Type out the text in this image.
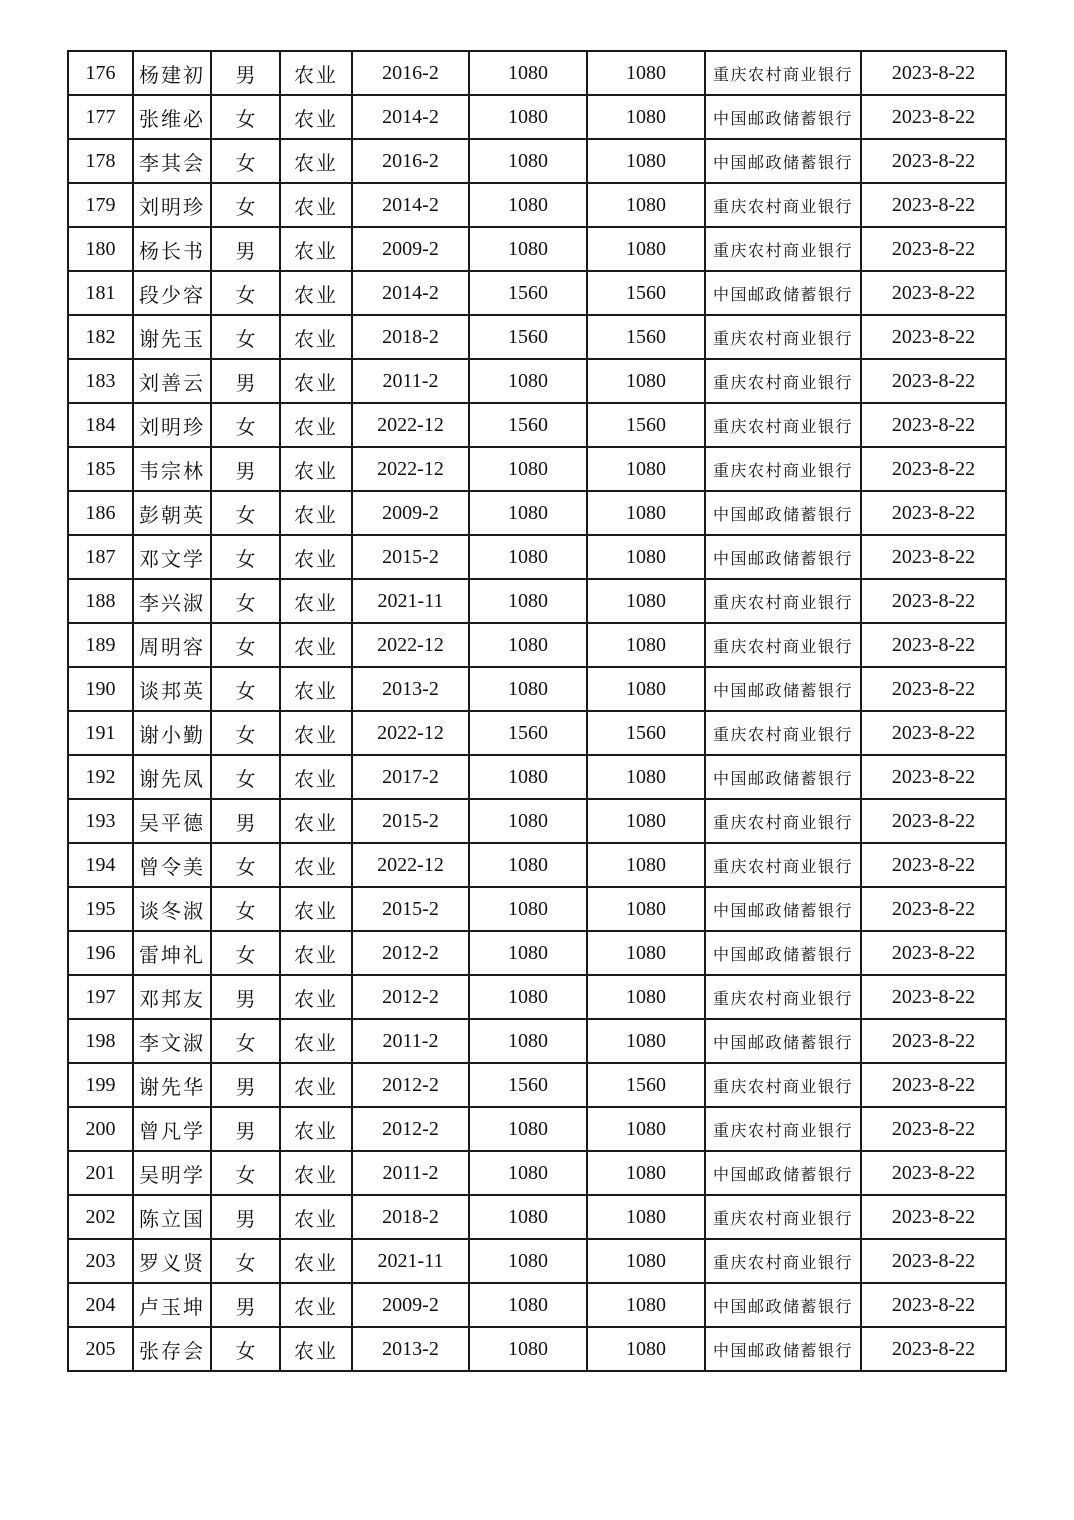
176	杨建初	男	农业	2016-2	1080	1080	重庆农村商业银行	2023-8-22
177	张维必	女	农业	2014-2	1080	1080	中国邮政储蓄银行	2023-8-22
178	李其会	女	农业	2016-2	1080	1080	中国邮政储蓄银行	2023-8-22
179	刘明珍	女	农业	2014-2	1080	1080	重庆农村商业银行	2023-8-22
180	杨长书	男	农业	2009-2	1080	1080	重庆农村商业银行	2023-8-22
181	段少容	女	农业	2014-2	1560	1560	中国邮政储蓄银行	2023-8-22
182	谢先玉	女	农业	2018-2	1560	1560	重庆农村商业银行	2023-8-22
183	刘善云	男	农业	2011-2	1080	1080	重庆农村商业银行	2023-8-22
184	刘明珍	女	农业	2022-12	1560	1560	重庆农村商业银行	2023-8-22
185	韦宗林	男	农业	2022-12	1080	1080	重庆农村商业银行	2023-8-22
186	彭朝英	女	农业	2009-2	1080	1080	中国邮政储蓄银行	2023-8-22
187	邓文学	女	农业	2015-2	1080	1080	中国邮政储蓄银行	2023-8-22
188	李兴淑	女	农业	2021-11	1080	1080	重庆农村商业银行	2023-8-22
189	周明容	女	农业	2022-12	1080	1080	重庆农村商业银行	2023-8-22
190	谈邦英	女	农业	2013-2	1080	1080	中国邮政储蓄银行	2023-8-22
191	谢小勤	女	农业	2022-12	1560	1560	重庆农村商业银行	2023-8-22
192	谢先凤	女	农业	2017-2	1080	1080	中国邮政储蓄银行	2023-8-22
193	吴平德	男	农业	2015-2	1080	1080	重庆农村商业银行	2023-8-22
194	曾令美	女	农业	2022-12	1080	1080	重庆农村商业银行	2023-8-22
195	谈冬淑	女	农业	2015-2	1080	1080	中国邮政储蓄银行	2023-8-22
196	雷坤礼	女	农业	2012-2	1080	1080	中国邮政储蓄银行	2023-8-22
197	邓邦友	男	农业	2012-2	1080	1080	重庆农村商业银行	2023-8-22
198	李文淑	女	农业	2011-2	1080	1080	中国邮政储蓄银行	2023-8-22
199	谢先华	男	农业	2012-2	1560	1560	重庆农村商业银行	2023-8-22
200	曾凡学	男	农业	2012-2	1080	1080	重庆农村商业银行	2023-8-22
201	吴明学	女	农业	2011-2	1080	1080	中国邮政储蓄银行	2023-8-22
202	陈立国	男	农业	2018-2	1080	1080	重庆农村商业银行	2023-8-22
203	罗义贤	女	农业	2021-11	1080	1080	重庆农村商业银行	2023-8-22
204	卢玉坤	男	农业	2009-2	1080	1080	中国邮政储蓄银行	2023-8-22
205	张存会	女	农业	2013-2	1080	1080	中国邮政储蓄银行	2023-8-22
